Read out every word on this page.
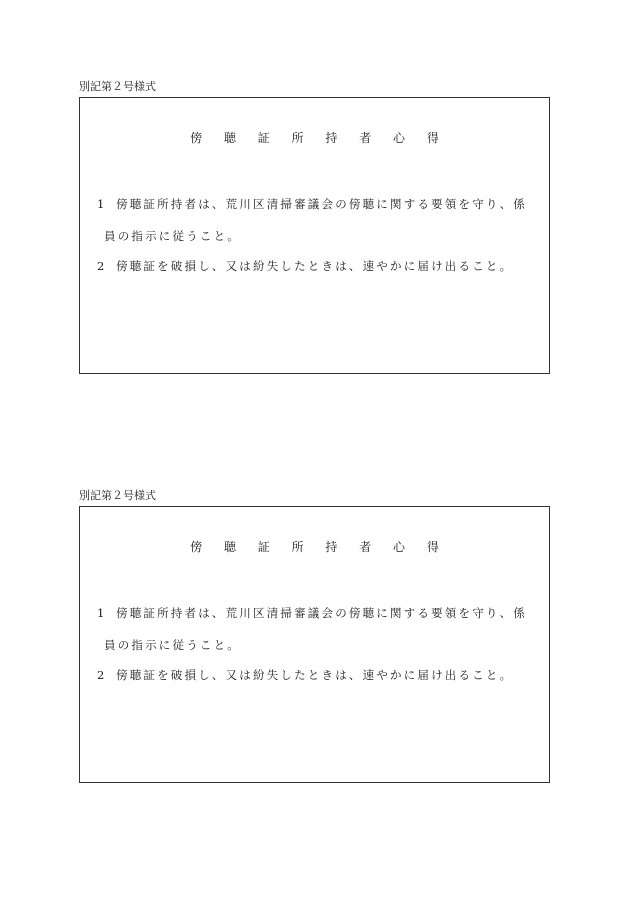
別記第２号様式
傍 聴 証 所 持 者 心 得
1 傍聴証所持者は、荒川区清掃審議会の傍聴に関する要領を守り、係
員の指示に従うこと。
2 傍聴証を破損し、又は紛失したときは、速やかに届け出ること。
別記第２号様式
傍 聴 証 所 持 者 心 得
1 傍聴証所持者は、荒川区清掃審議会の傍聴に関する要領を守り、係
員の指示に従うこと。
2 傍聴証を破損し、又は紛失したときは、速やかに届け出ること。
